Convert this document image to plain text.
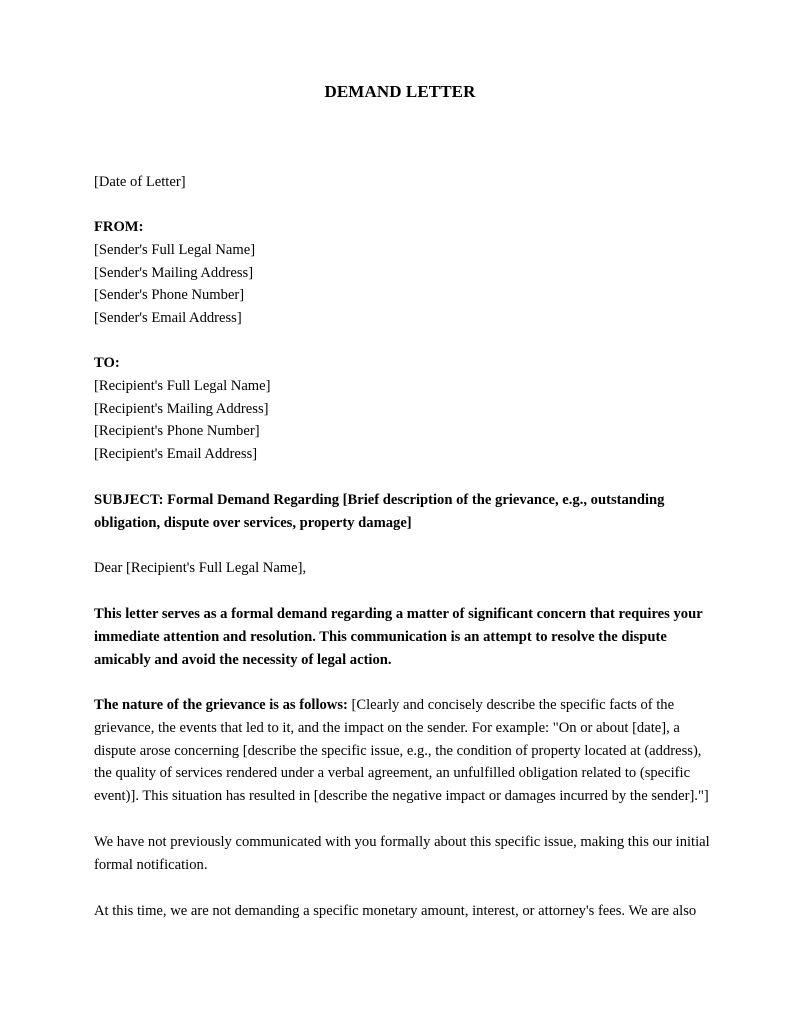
DEMAND LETTER
[Date of Letter]
FROM:
[Sender's Full Legal Name]
[Sender's Mailing Address]
[Sender's Phone Number]
[Sender's Email Address]
TO:
[Recipient's Full Legal Name]
[Recipient's Mailing Address]
[Recipient's Phone Number]
[Recipient's Email Address]
SUBJECT: Formal Demand Regarding [Brief description of the grievance, e.g., outstanding
obligation, dispute over services, property damage]
Dear [Recipient's Full Legal Name],
This letter serves as a formal demand regarding a matter of significant concern that requires your
immediate attention and resolution. This communication is an attempt to resolve the dispute
amicably and avoid the necessity of legal action.
The nature of the grievance is as follows: [Clearly and concisely describe the specific facts of the
grievance, the events that led to it, and the impact on the sender. For example: "On or about [date], a
dispute arose concerning [describe the specific issue, e.g., the condition of property located at (address),
the quality of services rendered under a verbal agreement, an unfulfilled obligation related to (specific
event)]. This situation has resulted in [describe the negative impact or damages incurred by the sender]."]
We have not previously communicated with you formally about this specific issue, making this our initial
formal notification.
At this time, we are not demanding a specific monetary amount, interest, or attorney's fees. We are also
